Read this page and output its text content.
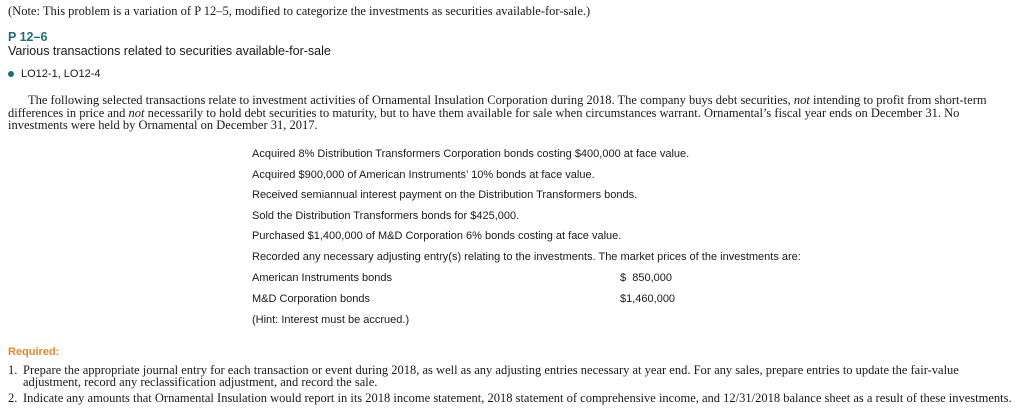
(Note: This problem is a variation of P 12–5, modified to categorize the investments as securities available-for-sale.)
P 12–6
Various transactions related to securities available-for-sale
LO12-1, LO12-4

The following selected transactions relate to investment activities of Ornamental Insulation Corporation during 2018. The company buys debt securities, not intending to profit from short-term differences in price and not necessarily to hold debt securities to maturity, but to have them available for sale when circumstances warrant. Ornamental’s fiscal year ends on December 31. No investments were held by Ornamental on December 31, 2017.

Acquired 8% Distribution Transformers Corporation bonds costing $400,000 at face value.
Acquired $900,000 of American Instruments’ 10% bonds at face value.
Received semiannual interest payment on the Distribution Transformers bonds.
Sold the Distribution Transformers bonds for $425,000.
Purchased $1,400,000 of M&D Corporation 6% bonds costing at face value.
Recorded any necessary adjusting entry(s) relating to the investments. The market prices of the investments are:
American Instruments bonds	$  850,000
M&D Corporation bonds	$1,460,000
(Hint: Interest must be accrued.)
Required:
1. Prepare the appropriate journal entry for each transaction or event during 2018, as well as any adjusting entries necessary at year end. For any sales, prepare entries to update the fair-value adjustment, record any reclassification adjustment, and record the sale.
2. Indicate any amounts that Ornamental Insulation would report in its 2018 income statement, 2018 statement of comprehensive income, and 12/31/2018 balance sheet as a result of these investments.
